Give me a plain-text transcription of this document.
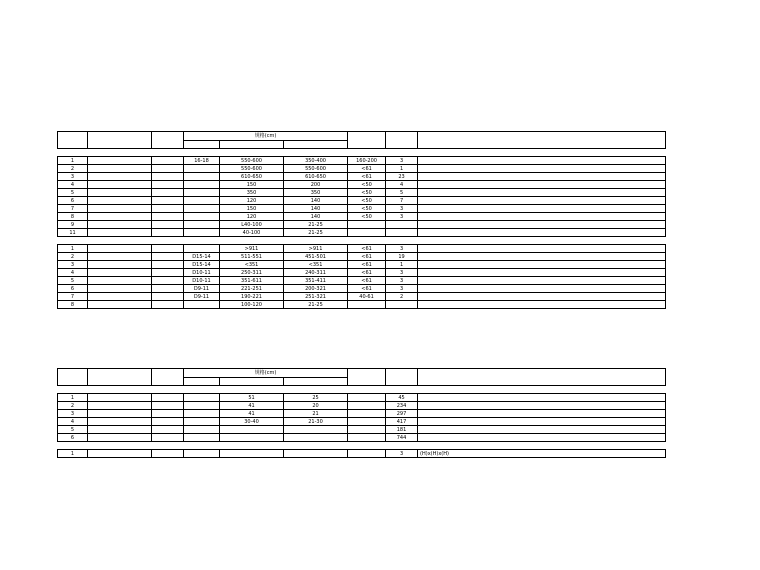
			规格(cm)					

1			16-18	550-600	350-400	160-200	3	
2				550-600	550-600	<61	1	
3				610-650	610-650	<61	23	
4				150	200	<50	4	
5				350	350	<50	5	
6				120	140	<50	7	
7				150	140	<50	3	
8				120	140	<50	3	
9				L40-100	21-25			
11				40-100	21-25			

1				>911	>911	<61	3	
2			D15-14	511-551	451-501	<61	19	
3			D15-14	<351	<351	<61	1	
4			D10-11	250-311	240-311	<61	3	
5			D10-11	351-611	351-411	<61	3	
6			D9-11	221-251	200-321	<61	3	
7			D9-11	190-221	251-321	40-61	2	
8				100-120	21-25			
			规格(cm)					

1				51	25		45	
2				41	20		234	
3				41	21		297	
4				30-40	21-30		417	
5							181	
6							744	

1							3	(H)x(H)x(H)
